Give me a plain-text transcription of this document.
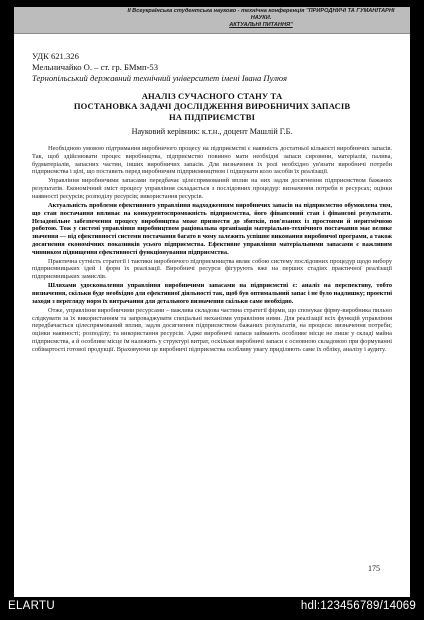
ІІ Всеукраїнська студентська науково - технічна конференція "ПРИРОДНИЧІ ТА ГУМАНІТАРНІ НАУКИ.
АКТУАЛЬНІ ПИТАННЯ"
УДК 621.326
Мельничайко О. – ст. гр. БМмп-53
Тернопільський державний технічний університет імені Івана Пулюя
АНАЛІЗ СУЧАСНОГО СТАНУ ТА
ПОСТАНОВКА ЗАДАЧІ ДОСЛІДЖЕННЯ ВИРОБНИЧИХ ЗАПАСІВ
НА ПІДПРИЄМСТВІ
Науковий керівник: к.т.н., доцент Машлій Г.Б.

Необхідною умовою підтримання виробничого процесу на підприємстві є наявність достатньої кількості виробничих запасів. Так, щоб здійснювати процес виробництва, підприємство повинно мати необхідні запаси сировини, матеріалів, палива, будматеріалів, запасних частин, інших виробничих запасів. Для визначення їх ролі необхідно ув'язати виробничі потреби підприємства і цілі, що поставить перед виробничим підприємництвом і підшукати коло засобів їх реалізації.

Управління виробничими запасами передбачає цілеспрямований вплив на них задля досягнення підприємством бажаних результатів. Економічний зміст процесу управління складається з послідовних процедур: визначення потреби в ресурсах; оцінки наявності ресурсів; розподілу ресурсів; використання ресурсів.

Актуальність проблеми ефективного управління надходженням виробничих запасів на підприємство обумовлена тим, що стан постачання впливає на конкурентоспроможність підприємства, його фінансовий стан і фінансові результати. Незадовільне забезпечення процесу виробництва може призвести до збитків, пов'язаних із простоями й неритмічною роботою. Тож у системі управління виробництвом раціональна організація матеріально-технічного постачання має велике значення — від ефективності системи постачання багато в чому залежить успішне виконання виробничої програми, а також досягнення економічних показників усього підприємства. Ефективне управління матеріальними запасами є важливим чинником підвищення ефективності функціонування підприємства.

Практична сутність стратегії і тактики виробничого підприємництва являє собою систему послідовних процедур щодо вибору підприємницьких ідей і форм їх реалізації. Виробничі ресурси фігурують вже на перших стадіях практичної реалізації підприємницьких замислів.

Шляхами удосконалення управління виробничими запасами на підприємстві є: аналіз на перспективу, тобто визначення, скільки буде необхідно для ефективної діяльності так, щоб був оптимальний запас і не було надлишку; проектні заходи з перегляду норм їх витрачання для детального визначення скільки саме необхідно.

Отже, управління виробничими ресурсами – важлива складова частина стратегії фірми, що спонукає фірму-виробника пильно слідкувати за їх використанням та запроваджувати спеціальні механізми управління ними. Для реалізації всіх функцій управління передбачається цілеспрямований вплив, задля досягнення підприємством бажаних результатів, на процеси: визначення потреби; оцінки наявності; розподілу; та використання ресурсів. Адже виробничі запаси займають особливе місце не лише у складі майна підприємства, а й особливе місце їм належить у структурі витрат, оскільки виробничі запаси є основною складовою при формуванні собівартості готової продукції. Враховуючи це виробничі підприємства особливу увагу приділяють саме їх обліку, аналізу і аудиту.

175
ELARTU	hdl:123456789/14069
